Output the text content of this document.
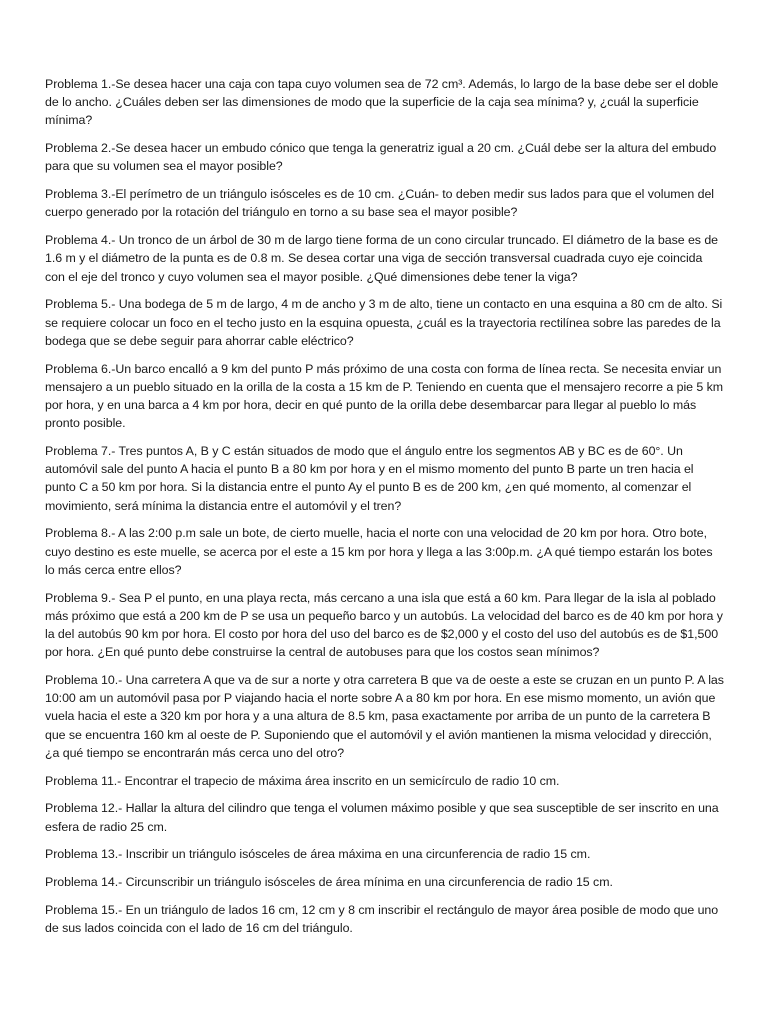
Problema 1.-Se desea hacer una caja con tapa cuyo volumen sea de 72 cm³. Además, lo largo de la base debe ser el doble de lo ancho. ¿Cuáles deben ser las dimensiones de modo que la superficie de la caja sea mínima? y, ¿cuál la superficie mínima?

Problema 2.-Se desea hacer un embudo cónico que tenga la generatriz igual a 20 cm. ¿Cuál debe ser la altura del embudo para que su volumen sea el mayor posible?

Problema 3.-El perímetro de un triángulo isósceles es de 10 cm. ¿Cuán- to deben medir sus lados para que el volumen del cuerpo generado por la rotación del triángulo en torno a su base sea el mayor posible?

Problema 4.- Un tronco de un árbol de 30 m de largo tiene forma de un cono circular truncado. El diámetro de la base es de 1.6 m y el diámetro de la punta es de 0.8 m. Se desea cortar una viga de sección transversal cuadrada cuyo eje coincida con el eje del tronco y cuyo volumen sea el mayor posible. ¿Qué dimensiones debe tener la viga?

Problema 5.- Una bodega de 5 m de largo, 4 m de ancho y 3 m de alto, tiene un contacto en una esquina a 80 cm de alto. Si se requiere colocar un foco en el techo justo en la esquina opuesta, ¿cuál es la trayectoria rectilínea sobre las paredes de la bodega que se debe seguir para ahorrar cable eléctrico?

Problema 6.-Un barco encalló a 9 km del punto P más próximo de una costa con forma de línea recta. Se necesita enviar un mensajero a un pueblo situado en la orilla de la costa a 15 km de P. Teniendo en cuenta que el mensajero recorre a pie 5 km por hora, y en una barca a 4 km por hora, decir en qué punto de la orilla debe desembarcar para llegar al pueblo lo más pronto posible.

Problema 7.- Tres puntos A, B y C están situados de modo que el ángulo entre los segmentos AB y BC es de 60°. Un automóvil sale del punto A hacia el punto B a 80 km por hora y en el mismo momento del punto B parte un tren hacia el punto C a 50 km por hora. Si la distancia entre el punto Ay el punto B es de 200 km, ¿en qué momento, al comenzar el movimiento, será mínima la distancia entre el automóvil y el tren?

Problema 8.- A las 2:00 p.m sale un bote, de cierto muelle, hacia el norte con una velocidad de 20 km por hora. Otro bote, cuyo destino es este muelle, se acerca por el este a 15 km por hora y llega a las 3:00p.m. ¿A qué tiempo estarán los botes lo más cerca entre ellos?

Problema 9.- Sea P el punto, en una playa recta, más cercano a una isla que está a 60 km. Para llegar de la isla al poblado más próximo que está a 200 km de P se usa un pequeño barco y un autobús. La velocidad del barco es de 40 km por hora y la del autobús 90 km por hora. El costo por hora del uso del barco es de $2,000 y el costo del uso del autobús es de $1,500 por hora. ¿En qué punto debe construirse la central de autobuses para que los costos sean mínimos?

Problema 10.- Una carretera A que va de sur a norte y otra carretera B que va de oeste a este se cruzan en un punto P. A las 10:00 am un automóvil pasa por P viajando hacia el norte sobre A a 80 km por hora. En ese mismo momento, un avión que vuela hacia el este a 320 km por hora y a una altura de 8.5 km, pasa exactamente por arriba de un punto de la carretera B que se encuentra 160 km al oeste de P. Suponiendo que el automóvil y el avión mantienen la misma velocidad y dirección, ¿a qué tiempo se encontrarán más cerca uno del otro?

Problema 11.- Encontrar el trapecio de máxima área inscrito en un semicírculo de radio 10 cm.

Problema 12.- Hallar la altura del cilindro que tenga el volumen máximo posible y que sea susceptible de ser inscrito en una esfera de radio 25 cm.

Problema 13.- Inscribir un triángulo isósceles de área máxima en una circunferencia de radio 15 cm.

Problema 14.- Circunscribir un triángulo isósceles de área mínima en una circunferencia de radio 15 cm.

Problema 15.- En un triángulo de lados 16 cm, 12 cm y 8 cm inscribir el rectángulo de mayor área posible de modo que uno de sus lados coincida con el lado de 16 cm del triángulo.
